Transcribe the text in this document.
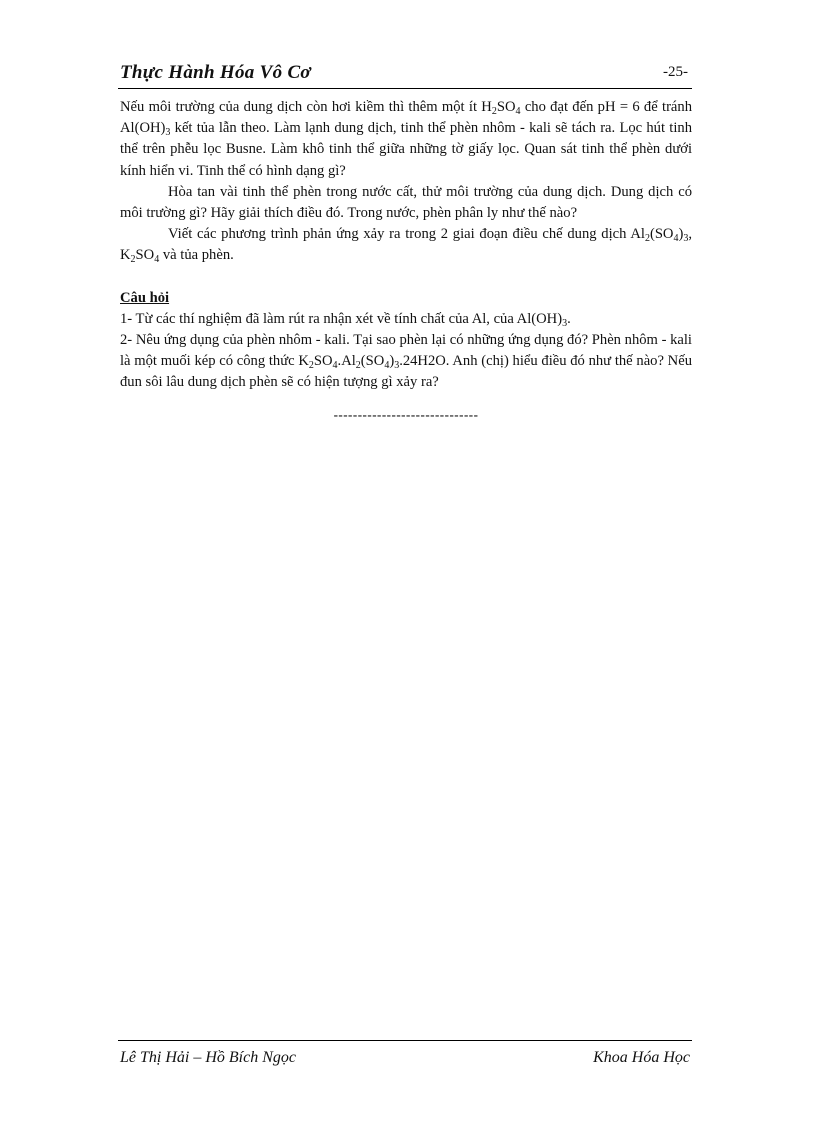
Thực Hành Hóa Vô Cơ	-25-

Nếu môi trường của dung dịch còn hơi kiềm thì thêm một ít $H_2SO_4$ cho đạt đến pH = 6 để tránh $Al(OH)_3$ kết tủa lẫn theo. Làm lạnh dung dịch, tinh thể phèn nhôm - kali sẽ tách ra. Lọc hút tinh thể trên phễu lọc Busne. Làm khô tinh thể giữa những tờ giấy lọc. Quan sát tinh thể phèn dưới kính hiển vi. Tinh thể có hình dạng gì?

Hòa tan vài tinh thể phèn trong nước cất, thử môi trường của dung dịch. Dung dịch có môi trường gì? Hãy giải thích điều đó. Trong nước, phèn phân ly như thế nào?

Viết các phương trình phản ứng xảy ra trong 2 giai đoạn điều chế dung dịch $Al_2(SO_4)_3$, $K_2SO_4$ và tủa phèn.

Câu hỏi

1- Từ các thí nghiệm đã làm rút ra nhận xét về tính chất của Al, của $Al(OH)_3$.

2- Nêu ứng dụng của phèn nhôm - kali. Tại sao phèn lại có những ứng dụng đó? Phèn nhôm - kali là một muối kép có công thức $K_2SO_4.Al_2(SO_4)_3.24H2O$. Anh (chị) hiểu điều đó như thế nào? Nếu đun sôi lâu dung dịch phèn sẽ có hiện tượng gì xảy ra?

------------------------------
Lê Thị Hải – Hồ Bích Ngọc	Khoa Hóa Học
